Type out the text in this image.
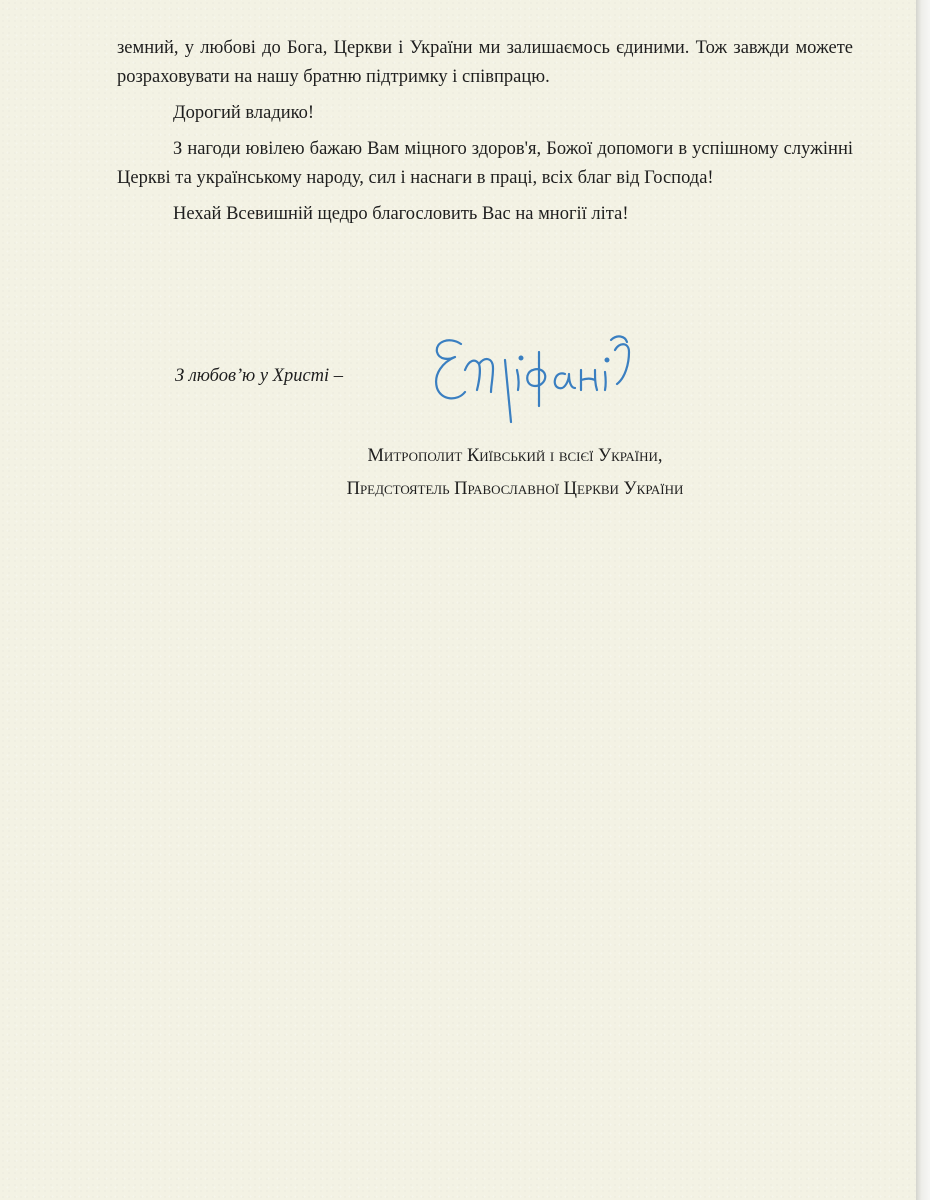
земний, у любові до Бога, Церкви і України ми залишаємось єдиними. Тож завжди можете розраховувати на нашу братню підтримку і співпрацю.

Дорогий владико!

З нагоди ювілею бажаю Вам міцного здоров'я, Божої допомоги в успішному служінні Церкві та українському народу, сил і наснаги в праці, всіх благ від Господа!

Нехай Всевишній щедро благословить Вас на многії літа!

З любов’ю у Христі –
Митрополит Київський і всієї України,
Предстоятель Православної Церкви України
